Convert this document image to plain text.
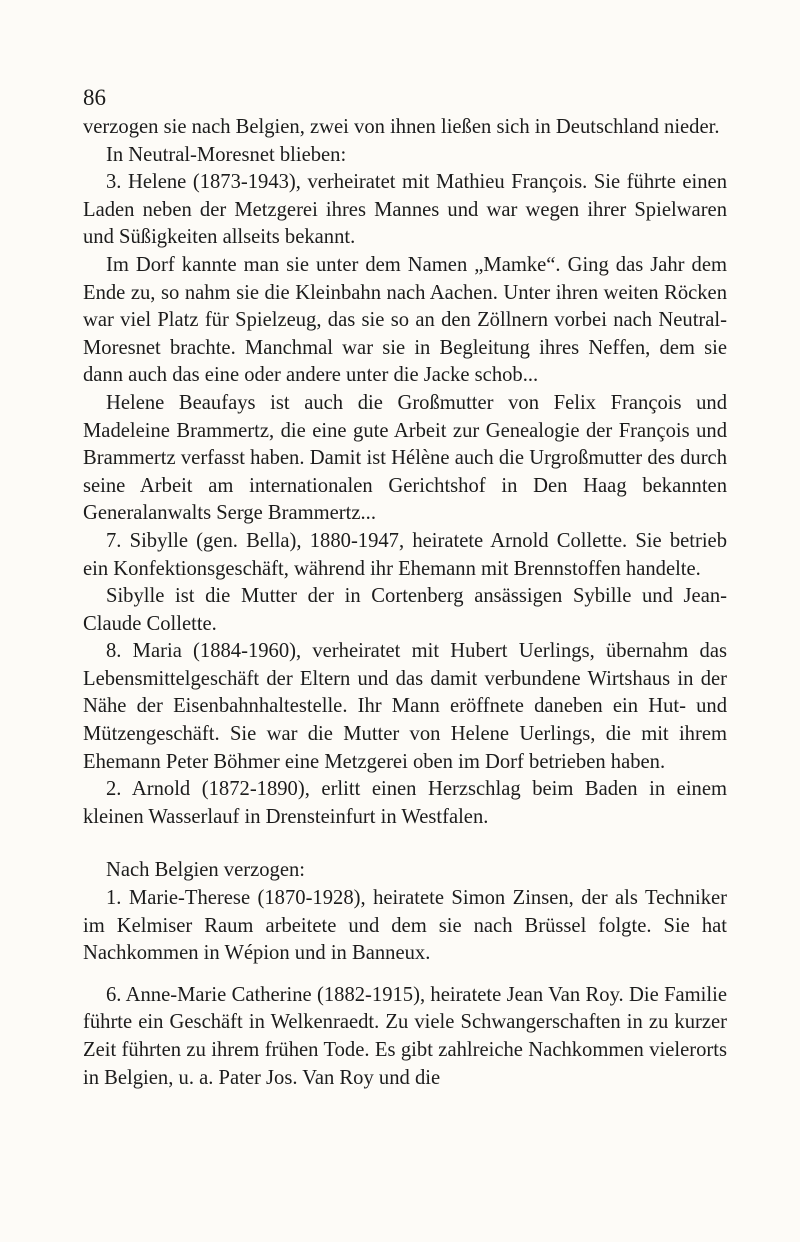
86

verzogen sie nach Belgien, zwei von ihnen ließen sich in Deutschland nieder.

In Neutral-Moresnet blieben:

3. Helene (1873-1943), verheiratet mit Mathieu François. Sie führte einen Laden neben der Metzgerei ihres Mannes und war wegen ihrer Spielwaren und Süßigkeiten allseits bekannt.

Im Dorf kannte man sie unter dem Namen „Mamke“. Ging das Jahr dem Ende zu, so nahm sie die Kleinbahn nach Aachen. Unter ihren weiten Röcken war viel Platz für Spielzeug, das sie so an den Zöllnern vorbei nach Neutral-Moresnet brachte. Manchmal war sie in Begleitung ihres Neffen, dem sie dann auch das eine oder andere unter die Jacke schob...

Helene Beaufays ist auch die Großmutter von Felix François und Madeleine Brammertz, die eine gute Arbeit zur Genealogie der François und Brammertz verfasst haben. Damit ist Hélène auch die Urgroßmutter des durch seine Arbeit am internationalen Gerichtshof in Den Haag bekannten Generalanwalts Serge Brammertz...

7. Sibylle (gen. Bella), 1880-1947, heiratete Arnold Collette. Sie betrieb ein Konfektionsgeschäft, während ihr Ehemann mit Brennstoffen handelte.

Sibylle ist die Mutter der in Cortenberg ansässigen Sybille und Jean-Claude Collette.

8. Maria (1884-1960), verheiratet mit Hubert Uerlings, übernahm das Lebensmittelgeschäft der Eltern und das damit verbundene Wirtshaus in der Nähe der Eisenbahnhaltestelle. Ihr Mann eröffnete daneben ein Hut- und Mützengeschäft. Sie war die Mutter von Helene Uerlings, die mit ihrem Ehemann Peter Böhmer eine Metzgerei oben im Dorf betrieben haben.

2. Arnold (1872-1890), erlitt einen Herzschlag beim Baden in einem kleinen Wasserlauf in Drensteinfurt in Westfalen.

Nach Belgien verzogen:

1. Marie-Therese (1870-1928), heiratete Simon Zinsen, der als Techniker im Kelmiser Raum arbeitete und dem sie nach Brüssel folgte. Sie hat Nachkommen in Wépion und in Banneux.

6. Anne-Marie Catherine (1882-1915), heiratete Jean Van Roy. Die Familie führte ein Geschäft in Welkenraedt. Zu viele Schwangerschaften in zu kurzer Zeit führten zu ihrem frühen Tode. Es gibt zahlreiche Nachkommen vielerorts in Belgien, u. a. Pater Jos. Van Roy und die
